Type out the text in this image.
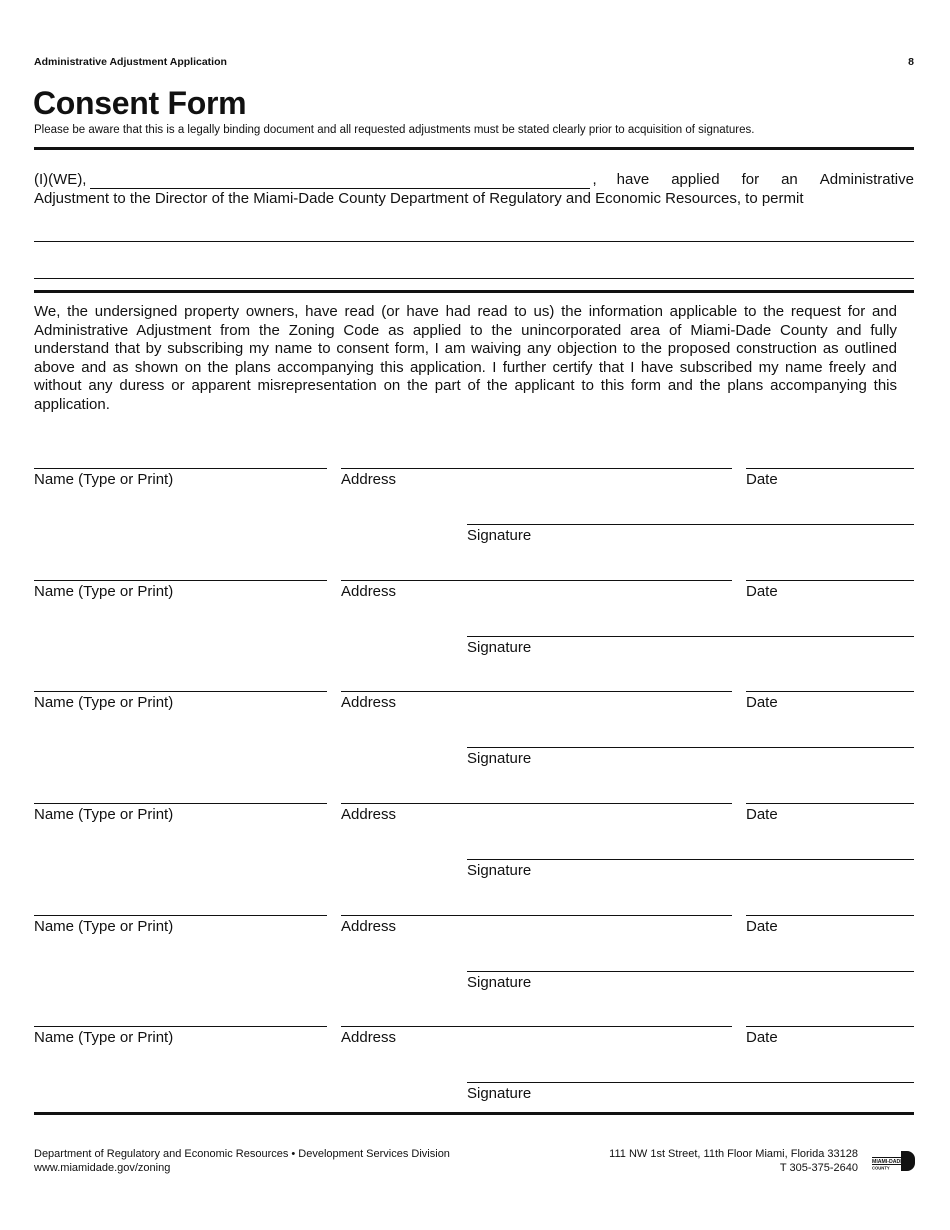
Administrative Adjustment Application	8
Consent Form
Please be aware that this is a legally binding document and all requested adjustments must be stated clearly prior to acquisition of signatures.
(I)(WE),	, have applied for an Administrative
Adjustment to the Director of the Miami-Dade County Department of Regulatory and Economic Resources, to permit
We, the undersigned property owners, have read (or have had read to us) the information applicable to the request for and Administrative Adjustment from the Zoning Code as applied to the unincorporated area of Miami-Dade County and fully understand that by subscribing my name to consent form, I am waiving any objection to the proposed construction as outlined above and as shown on the plans accompanying this application. I further certify that I have subscribed my name freely and without any duress or apparent misrepresentation on the part of the applicant to this form and the plans accompanying this application.
Name (Type or Print)	Address	Date
Signature
Name (Type or Print)	Address	Date
Signature
Name (Type or Print)	Address	Date
Signature
Name (Type or Print)	Address	Date
Signature
Name (Type or Print)	Address	Date
Signature
Name (Type or Print)	Address	Date
Signature
Department of Regulatory and Economic Resources • Development Services Division
www.miamidade.gov/zoning
111 NW 1st Street, 11th Floor Miami, Florida 33128
T 305-375-2640	MIAMI-DADE
COUNTY
